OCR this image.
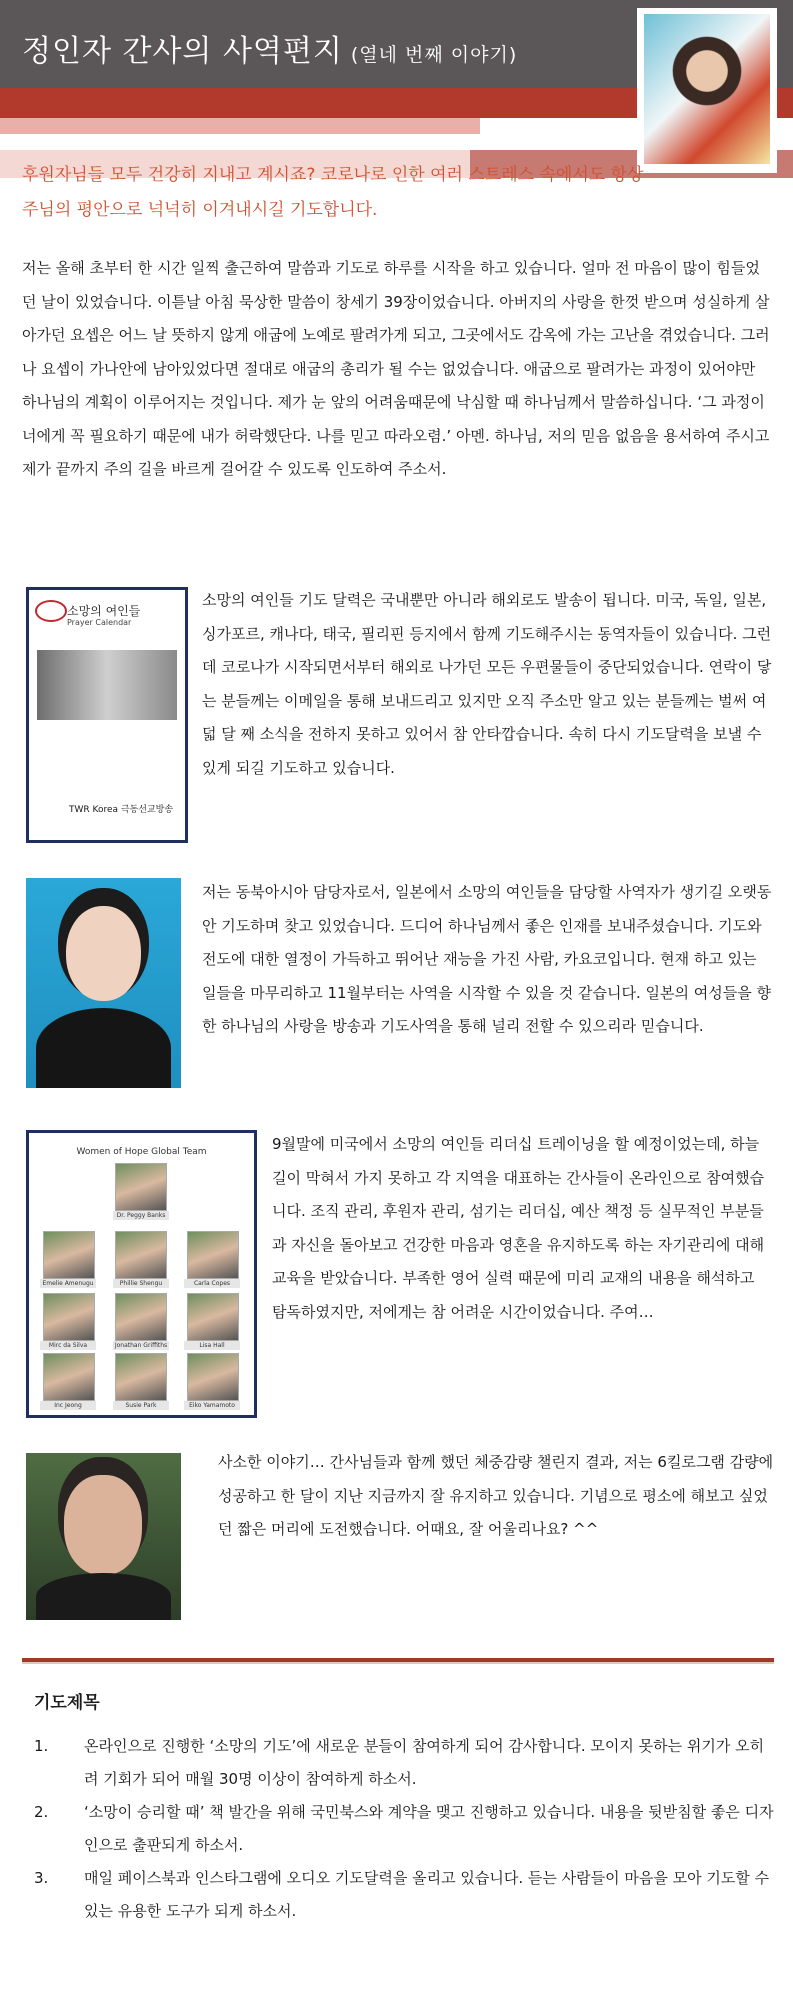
정인자 간사의 사역편지 (열네 번째 이야기)
후원자님들 모두 건강히 지내고 계시죠? 코로나로 인한 여러 스트레스 속에서도 항상 주님의 평안으로 넉넉히 이겨내시길 기도합니다.
저는 올해 초부터 한 시간 일찍 출근하여 말씀과 기도로 하루를 시작을 하고 있습니다. 얼마 전 마음이 많이 힘들었던 날이 있었습니다. 이튿날 아침 묵상한 말씀이 창세기 39장이었습니다. 아버지의 사랑을 한껏 받으며 성실하게 살아가던 요셉은 어느 날 뜻하지 않게 애굽에 노예로 팔려가게 되고, 그곳에서도 감옥에 가는 고난을 겪었습니다. 그러나 요셉이 가나안에 남아있었다면 절대로 애굽의 총리가 될 수는 없었습니다. 애굽으로 팔려가는 과정이 있어야만 하나님의 계획이 이루어지는 것입니다. 제가 눈 앞의 어려움때문에 낙심할 때 하나님께서 말씀하십니다. ‘그 과정이 너에게 꼭 필요하기 때문에 내가 허락했단다. 나를 믿고 따라오렴.’ 아멘. 하나님, 저의 믿음 없음을 용서하여 주시고 제가 끝까지 주의 길을 바르게 걸어갈 수 있도록 인도하여 주소서.
소망의 여인들
Prayer Calendar
TWR Korea 극동선교방송
소망의 여인들 기도 달력은 국내뿐만 아니라 해외로도 발송이 됩니다. 미국, 독일, 일본, 싱가포르, 캐나다, 태국, 필리핀 등지에서 함께 기도해주시는 동역자들이 있습니다. 그런데 코로나가 시작되면서부터 해외로 나가던 모든 우편물들이 중단되었습니다. 연락이 닿는 분들께는 이메일을 통해 보내드리고 있지만 오직 주소만 알고 있는 분들께는 벌써 여덟 달 째 소식을 전하지 못하고 있어서 참 안타깝습니다. 속히 다시 기도달력을 보낼 수 있게 되길 기도하고 있습니다.
저는 동북아시아 담당자로서, 일본에서 소망의 여인들을 담당할 사역자가 생기길 오랫동안 기도하며 찾고 있었습니다. 드디어 하나님께서 좋은 인재를 보내주셨습니다. 기도와 전도에 대한 열정이 가득하고 뛰어난 재능을 가진 사람, 카요코입니다. 현재 하고 있는 일들을 마무리하고 11월부터는 사역을 시작할 수 있을 것 같습니다. 일본의 여성들을 향한 하나님의 사랑을 방송과 기도사역을 통해 널리 전할 수 있으리라 믿습니다.
Women of Hope Global Team
Dr. Peggy Banks
Emelie Amenugu	Phillie Shengu	Carla Copes
Mirc da Silva	Jonathan Griffiths	Lisa Hall
Inc Jeong	Susie Park	Eiko Yamamoto
9월말에 미국에서 소망의 여인들 리더십 트레이닝을 할 예정이었는데, 하늘길이 막혀서 가지 못하고 각 지역을 대표하는 간사들이 온라인으로 참여했습니다. 조직 관리, 후원자 관리, 섬기는 리더십, 예산 책정 등 실무적인 부분들과 자신을 돌아보고 건강한 마음과 영혼을 유지하도록 하는 자기관리에 대해 교육을 받았습니다. 부족한 영어 실력 때문에 미리 교재의 내용을 해석하고 탐독하였지만, 저에게는 참 어려운 시간이었습니다. 주여…
사소한 이야기… 간사님들과 함께 했던 체중감량 챌린지 결과, 저는 6킬로그램 감량에 성공하고 한 달이 지난 지금까지 잘 유지하고 있습니다. 기념으로 평소에 해보고 싶었던 짧은 머리에 도전했습니다. 어때요, 잘 어울리나요? ^^
기도제목
1. 온라인으로 진행한 ‘소망의 기도’에 새로운 분들이 참여하게 되어 감사합니다. 모이지 못하는 위기가 오히려 기회가 되어 매월 30명 이상이 참여하게 하소서.
2. ‘소망이 승리할 때’ 책 발간을 위해 국민북스와 계약을 맺고 진행하고 있습니다. 내용을 뒷받침할 좋은 디자인으로 출판되게 하소서.
3. 매일 페이스북과 인스타그램에 오디오 기도달력을 올리고 있습니다. 듣는 사람들이 마음을 모아 기도할 수 있는 유용한 도구가 되게 하소서.
